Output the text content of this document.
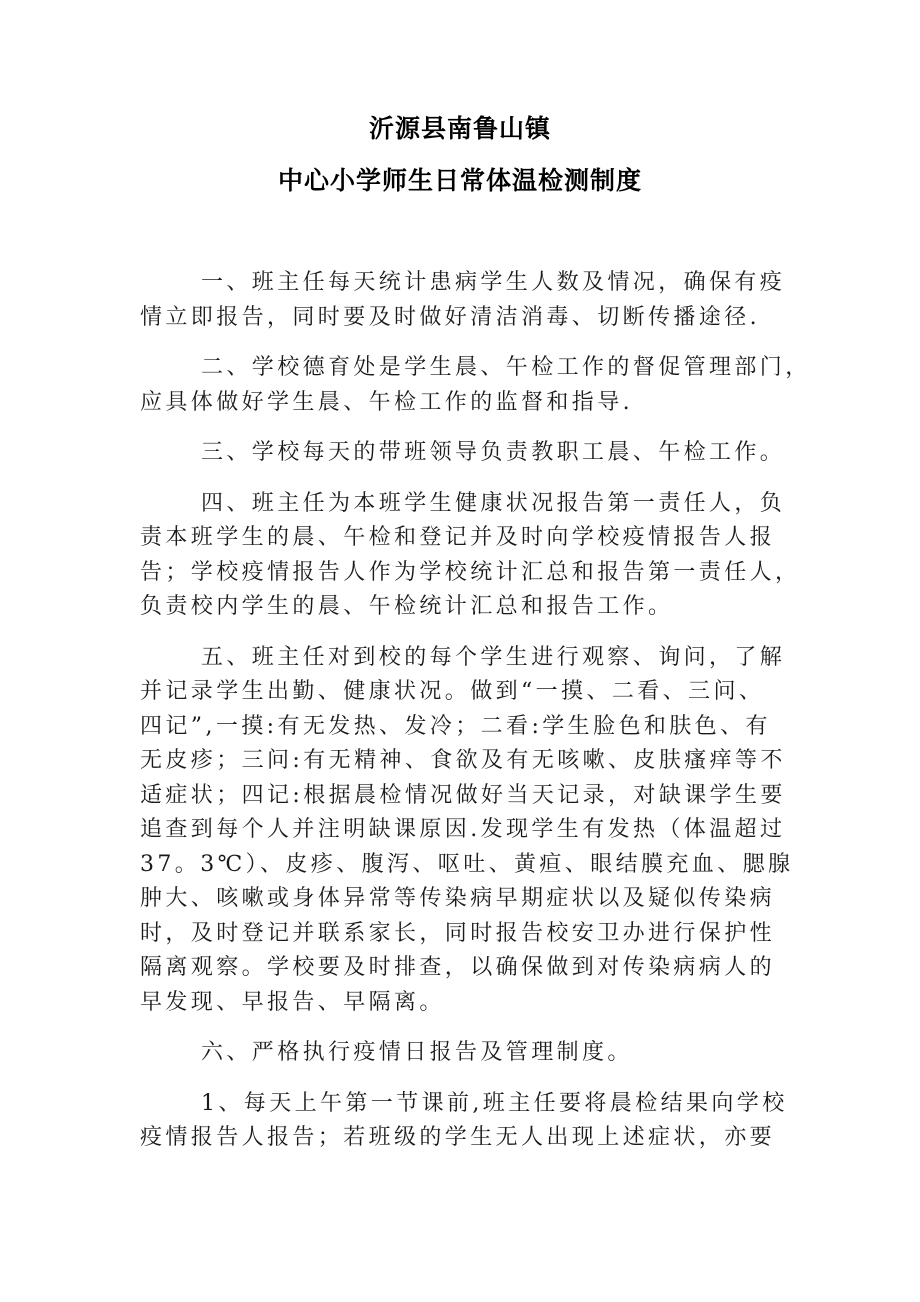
沂源县南鲁山镇
中心小学师生日常体温检测制度

一、班主任每天统计患病学生人数及情况，确保有疫
情立即报告，同时要及时做好清洁消毒、切断传播途径.

二、学校德育处是学生晨、午检工作的督促管理部门，
应具体做好学生晨、午检工作的监督和指导.

三、学校每天的带班领导负责教职工晨、午检工作。

四、班主任为本班学生健康状况报告第一责任人，负
责本班学生的晨、午检和登记并及时向学校疫情报告人报
告；学校疫情报告人作为学校统计汇总和报告第一责任人，
负责校内学生的晨、午检统计汇总和报告工作。

五、班主任对到校的每个学生进行观察、询问，了解
并记录学生出勤、健康状况。做到“一摸、二看、三问、
四记”,一摸:有无发热、发冷；二看:学生脸色和肤色、有
无皮疹；三问:有无精神、食欲及有无咳嗽、皮肤瘙痒等不
适症状；四记:根据晨检情况做好当天记录，对缺课学生要
追查到每个人并注明缺课原因.发现学生有发热（体温超过
37。3℃）、皮疹、腹泻、呕吐、黄疸、眼结膜充血、腮腺
肿大、咳嗽或身体异常等传染病早期症状以及疑似传染病
时，及时登记并联系家长，同时报告校安卫办进行保护性
隔离观察。学校要及时排查，以确保做到对传染病病人的
早发现、早报告、早隔离。

六、严格执行疫情日报告及管理制度。

1、每天上午第一节课前,班主任要将晨检结果向学校
疫情报告人报告；若班级的学生无人出现上述症状，亦要
